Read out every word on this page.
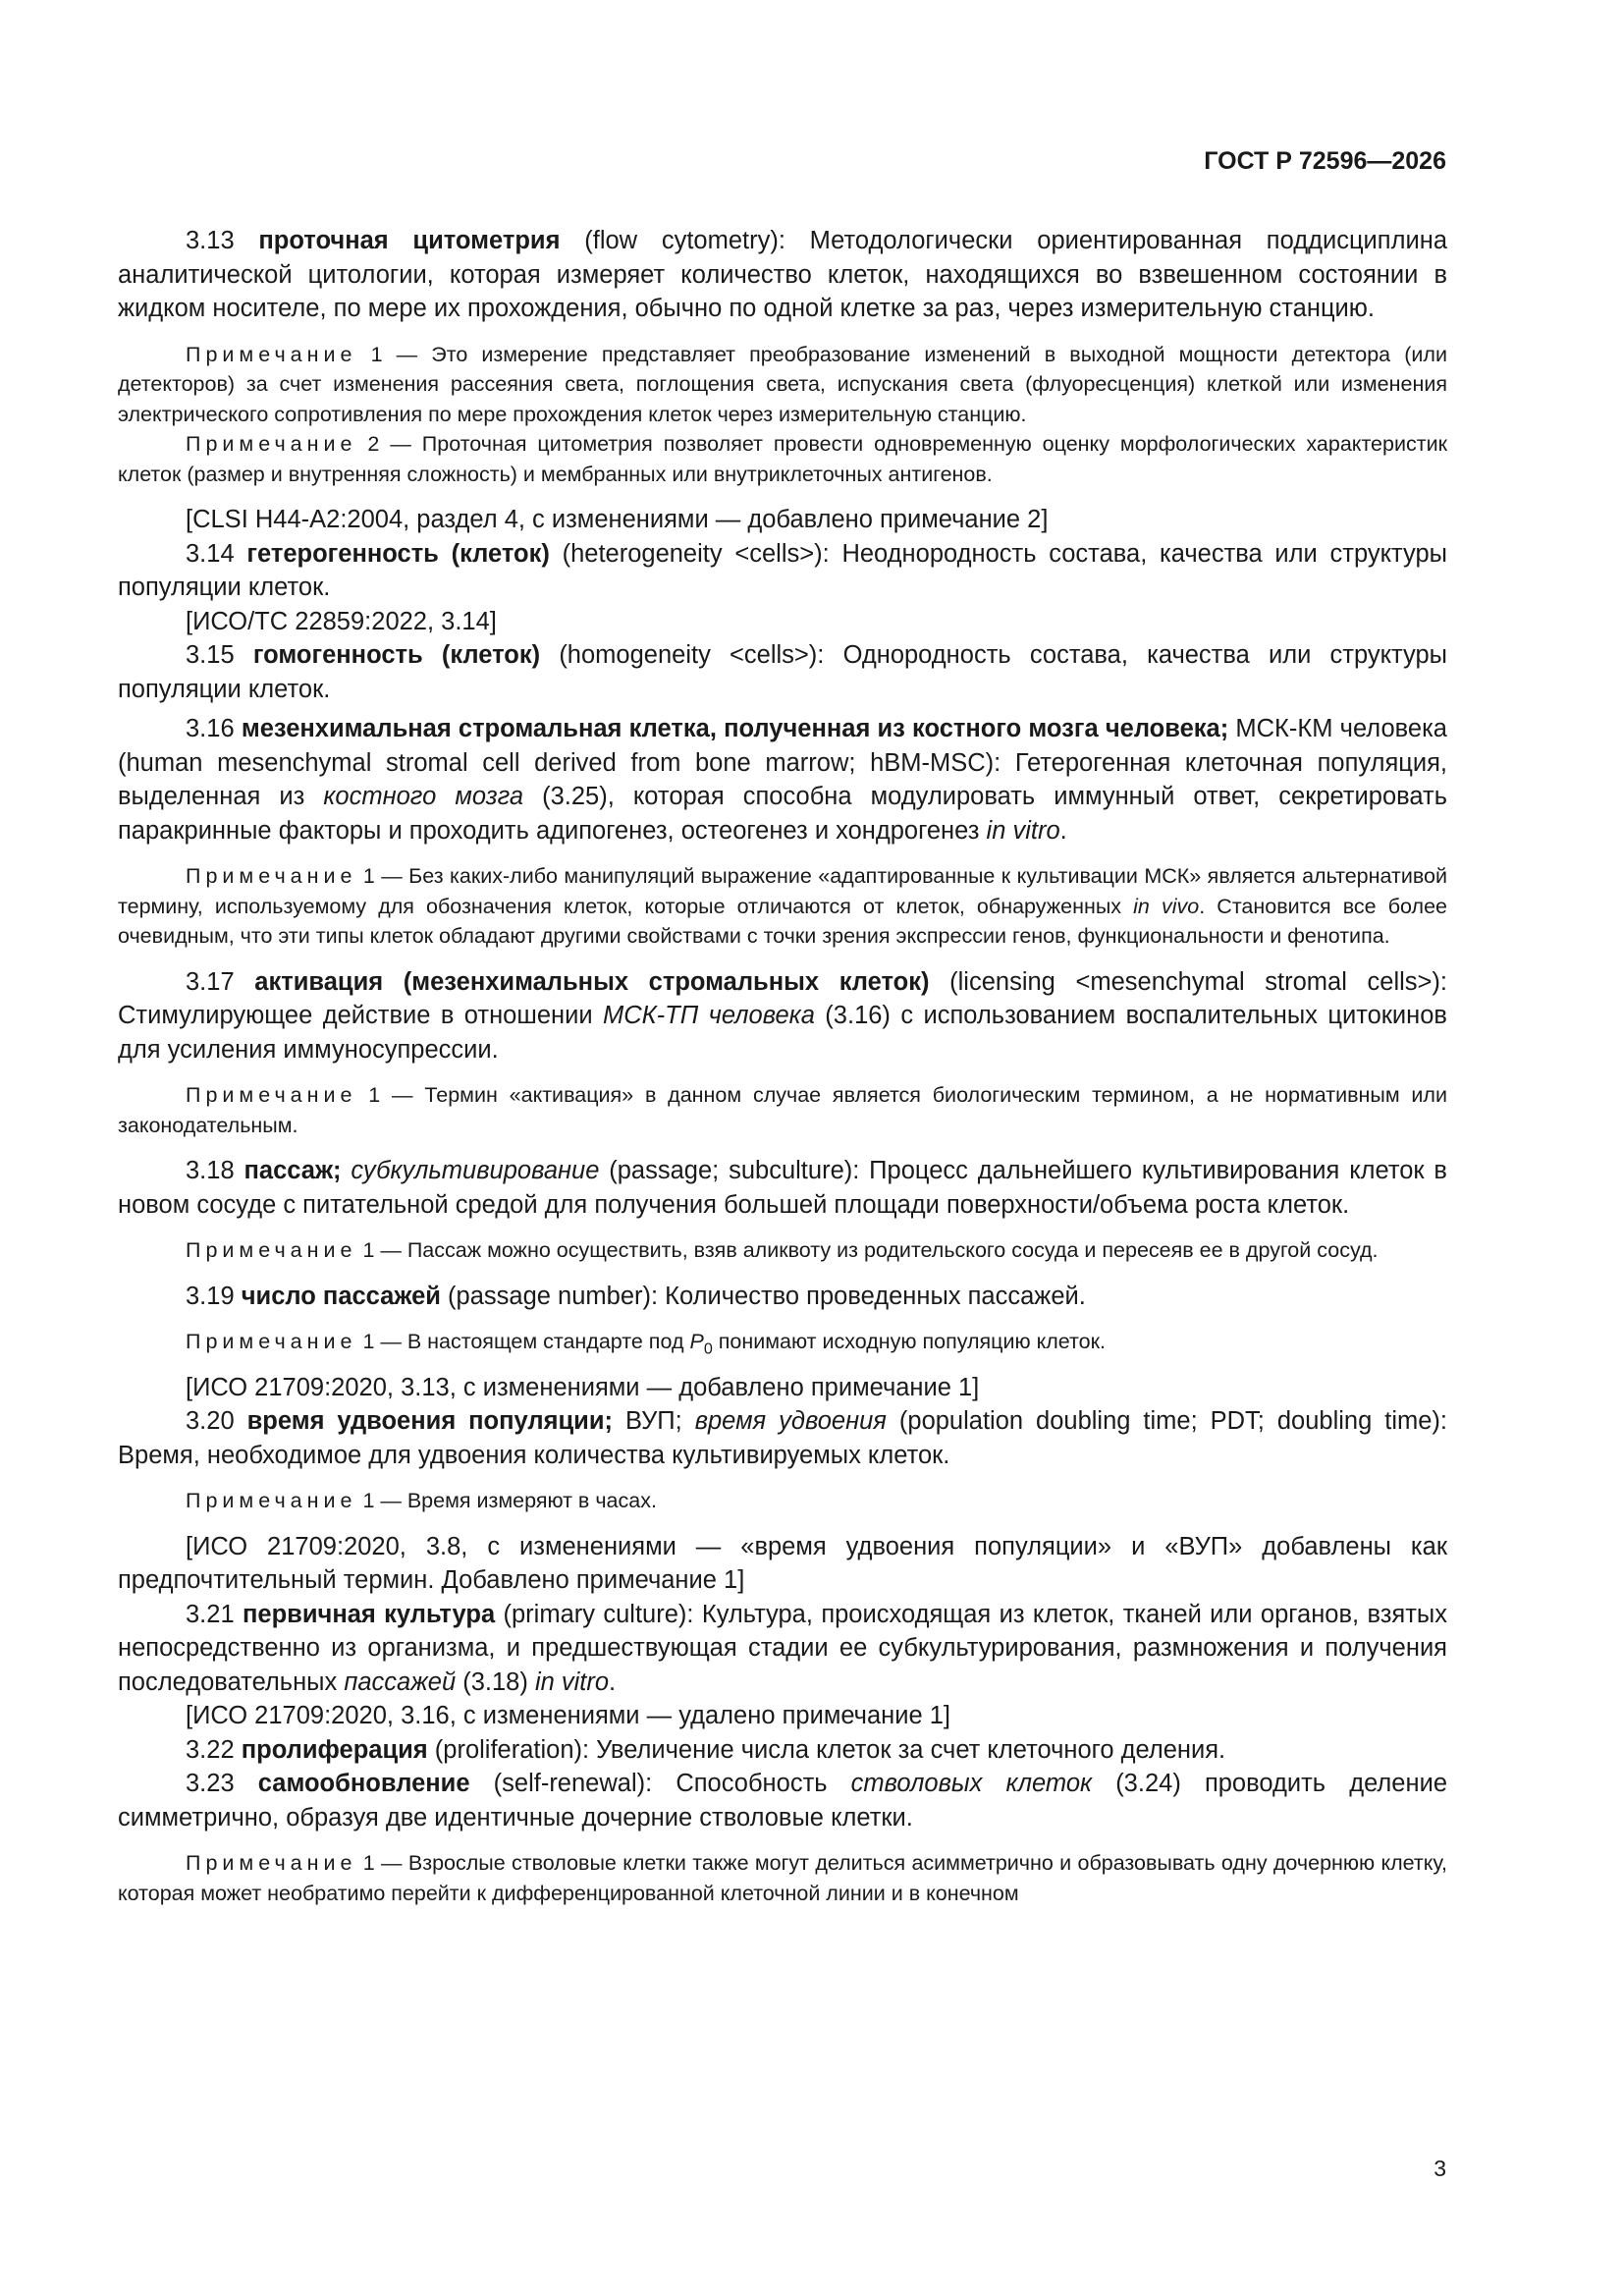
ГОСТ Р 72596—2026

3.13 проточная цитометрия (flow cytometry): Методологически ориентированная поддисциплина аналитической цитологии, которая измеряет количество клеток, находящихся во взвешенном состоянии в жидком носителе, по мере их прохождения, обычно по одной клетке за раз, через измерительную станцию.

Примечание 1 — Это измерение представляет преобразование изменений в выходной мощности детектора (или детекторов) за счет изменения рассеяния света, поглощения света, испускания света (флуоресценция) клеткой или изменения электрического сопротивления по мере прохождения клеток через измерительную станцию.

Примечание 2 — Проточная цитометрия позволяет провести одновременную оценку морфологических характеристик клеток (размер и внутренняя сложность) и мембранных или внутриклеточных антигенов.

[CLSI H44-A2:2004, раздел 4, с изменениями — добавлено примечание 2]

3.14 гетерогенность (клеток) (heterogeneity <cells>): Неоднородность состава, качества или структуры популяции клеток.

[ИСО/ТС 22859:2022, 3.14]

3.15 гомогенность (клеток) (homogeneity <cells>): Однородность состава, качества или структуры популяции клеток.

3.16 мезенхимальная стромальная клетка, полученная из костного мозга человека; МСК-КМ человека (human mesenchymal stromal cell derived from bone marrow; hBM-MSC): Гетерогенная клеточная популяция, выделенная из костного мозга (3.25), которая способна модулировать иммунный ответ, секретировать паракринные факторы и проходить адипогенез, остеогенез и хондрогенез in vitro.

Примечание 1 — Без каких-либо манипуляций выражение «адаптированные к культивации МСК» является альтернативой термину, используемому для обозначения клеток, которые отличаются от клеток, обнаруженных in vivo. Становится все более очевидным, что эти типы клеток обладают другими свойствами с точки зрения экспрессии генов, функциональности и фенотипа.

3.17 активация (мезенхимальных стромальных клеток) (licensing <mesenchymal stromal cells>): Стимулирующее действие в отношении МСК-ТП человека (3.16) с использованием воспалительных цитокинов для усиления иммуносупрессии.

Примечание 1 — Термин «активация» в данном случае является биологическим термином, а не нормативным или законодательным.

3.18 пассаж; субкультивирование (passage; subculture): Процесс дальнейшего культивирования клеток в новом сосуде с питательной средой для получения большей площади поверхности/объема роста клеток.

Примечание 1 — Пассаж можно осуществить, взяв аликвоту из родительского сосуда и пересеяв ее в другой сосуд.

3.19 число пассажей (passage number): Количество проведенных пассажей.

Примечание 1 — В настоящем стандарте под $P_0$ понимают исходную популяцию клеток.

[ИСО 21709:2020, 3.13, с изменениями — добавлено примечание 1]

3.20 время удвоения популяции; ВУП; время удвоения (population doubling time; PDT; doubling time): Время, необходимое для удвоения количества культивируемых клеток.

Примечание 1 — Время измеряют в часах.

[ИСО 21709:2020, 3.8, с изменениями — «время удвоения популяции» и «ВУП» добавлены как предпочтительный термин. Добавлено примечание 1]

3.21 первичная культура (primary culture): Культура, происходящая из клеток, тканей или органов, взятых непосредственно из организма, и предшествующая стадии ее субкультурирования, размножения и получения последовательных пассажей (3.18) in vitro.

[ИСО 21709:2020, 3.16, с изменениями — удалено примечание 1]

3.22 пролиферация (proliferation): Увеличение числа клеток за счет клеточного деления.

3.23 самообновление (self-renewal): Способность стволовых клеток (3.24) проводить деление симметрично, образуя две идентичные дочерние стволовые клетки.

Примечание 1 — Взрослые стволовые клетки также могут делиться асимметрично и образовывать одну дочернюю клетку, которая может необратимо перейти к дифференцированной клеточной линии и в конечном

3
